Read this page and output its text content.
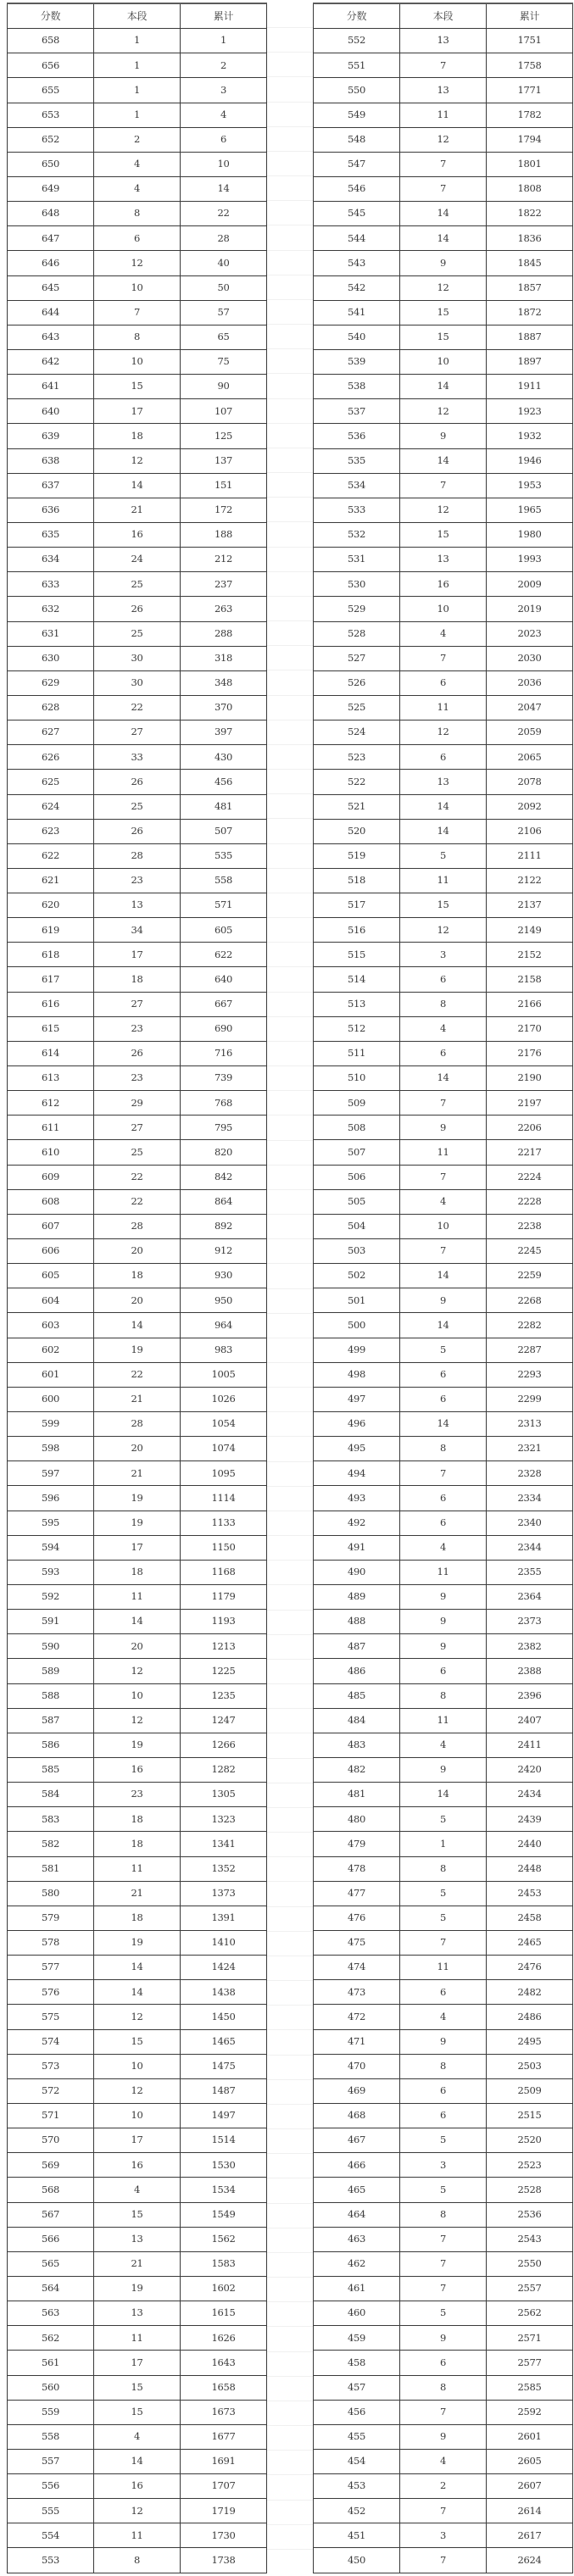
分数	本段	累计
658	1	1
656	1	2
655	1	3
653	1	4
652	2	6
650	4	10
649	4	14
648	8	22
647	6	28
646	12	40
645	10	50
644	7	57
643	8	65
642	10	75
641	15	90
640	17	107
639	18	125
638	12	137
637	14	151
636	21	172
635	16	188
634	24	212
633	25	237
632	26	263
631	25	288
630	30	318
629	30	348
628	22	370
627	27	397
626	33	430
625	26	456
624	25	481
623	26	507
622	28	535
621	23	558
620	13	571
619	34	605
618	17	622
617	18	640
616	27	667
615	23	690
614	26	716
613	23	739
612	29	768
611	27	795
610	25	820
609	22	842
608	22	864
607	28	892
606	20	912
605	18	930
604	20	950
603	14	964
602	19	983
601	22	1005
600	21	1026
599	28	1054
598	20	1074
597	21	1095
596	19	1114
595	19	1133
594	17	1150
593	18	1168
592	11	1179
591	14	1193
590	20	1213
589	12	1225
588	10	1235
587	12	1247
586	19	1266
585	16	1282
584	23	1305
583	18	1323
582	18	1341
581	11	1352
580	21	1373
579	18	1391
578	19	1410
577	14	1424
576	14	1438
575	12	1450
574	15	1465
573	10	1475
572	12	1487
571	10	1497
570	17	1514
569	16	1530
568	4	1534
567	15	1549
566	13	1562
565	21	1583
564	19	1602
563	13	1615
562	11	1626
561	17	1643
560	15	1658
559	15	1673
558	4	1677
557	14	1691
556	16	1707
555	12	1719
554	11	1730
553	8	1738
分数	本段	累计
552	13	1751
551	7	1758
550	13	1771
549	11	1782
548	12	1794
547	7	1801
546	7	1808
545	14	1822
544	14	1836
543	9	1845
542	12	1857
541	15	1872
540	15	1887
539	10	1897
538	14	1911
537	12	1923
536	9	1932
535	14	1946
534	7	1953
533	12	1965
532	15	1980
531	13	1993
530	16	2009
529	10	2019
528	4	2023
527	7	2030
526	6	2036
525	11	2047
524	12	2059
523	6	2065
522	13	2078
521	14	2092
520	14	2106
519	5	2111
518	11	2122
517	15	2137
516	12	2149
515	3	2152
514	6	2158
513	8	2166
512	4	2170
511	6	2176
510	14	2190
509	7	2197
508	9	2206
507	11	2217
506	7	2224
505	4	2228
504	10	2238
503	7	2245
502	14	2259
501	9	2268
500	14	2282
499	5	2287
498	6	2293
497	6	2299
496	14	2313
495	8	2321
494	7	2328
493	6	2334
492	6	2340
491	4	2344
490	11	2355
489	9	2364
488	9	2373
487	9	2382
486	6	2388
485	8	2396
484	11	2407
483	4	2411
482	9	2420
481	14	2434
480	5	2439
479	1	2440
478	8	2448
477	5	2453
476	5	2458
475	7	2465
474	11	2476
473	6	2482
472	4	2486
471	9	2495
470	8	2503
469	6	2509
468	6	2515
467	5	2520
466	3	2523
465	5	2528
464	8	2536
463	7	2543
462	7	2550
461	7	2557
460	5	2562
459	9	2571
458	6	2577
457	8	2585
456	7	2592
455	9	2601
454	4	2605
453	2	2607
452	7	2614
451	3	2617
450	7	2624
